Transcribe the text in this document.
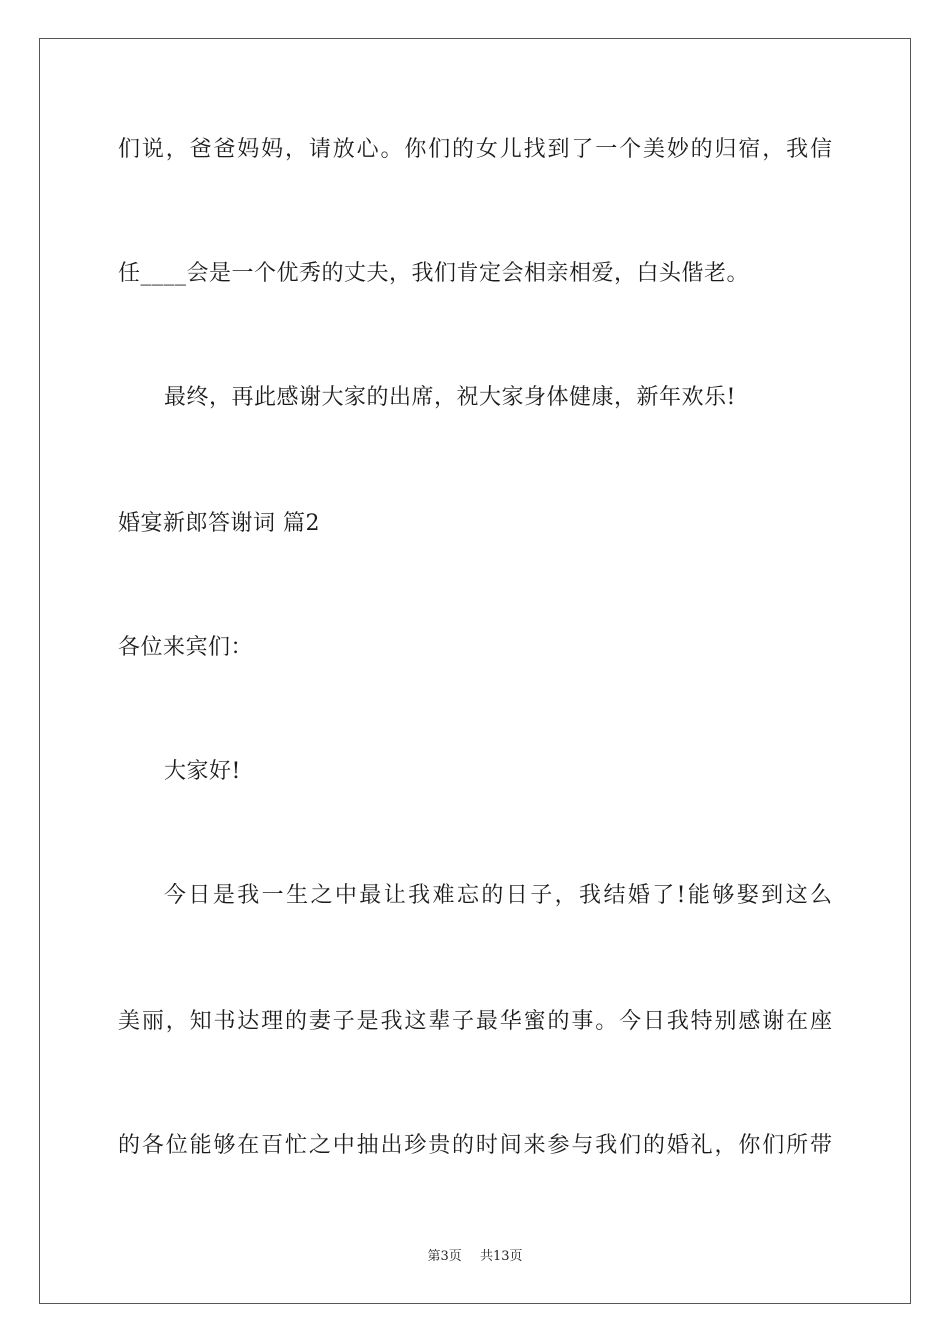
们说，爸爸妈妈，请放心。你们的女儿找到了一个美妙的归宿，我信
任____会是一个优秀的丈夫，我们肯定会相亲相爱，白头偕老。
最终，再此感谢大家的出席，祝大家身体健康，新年欢乐!
婚宴新郎答谢词 篇2
各位来宾们：
大家好!
今日是我一生之中最让我难忘的日子，我结婚了!能够娶到这么
美丽，知书达理的妻子是我这辈子最华蜜的事。今日我特别感谢在座
的各位能够在百忙之中抽出珍贵的时间来参与我们的婚礼，你们所带
第3页 共13页
